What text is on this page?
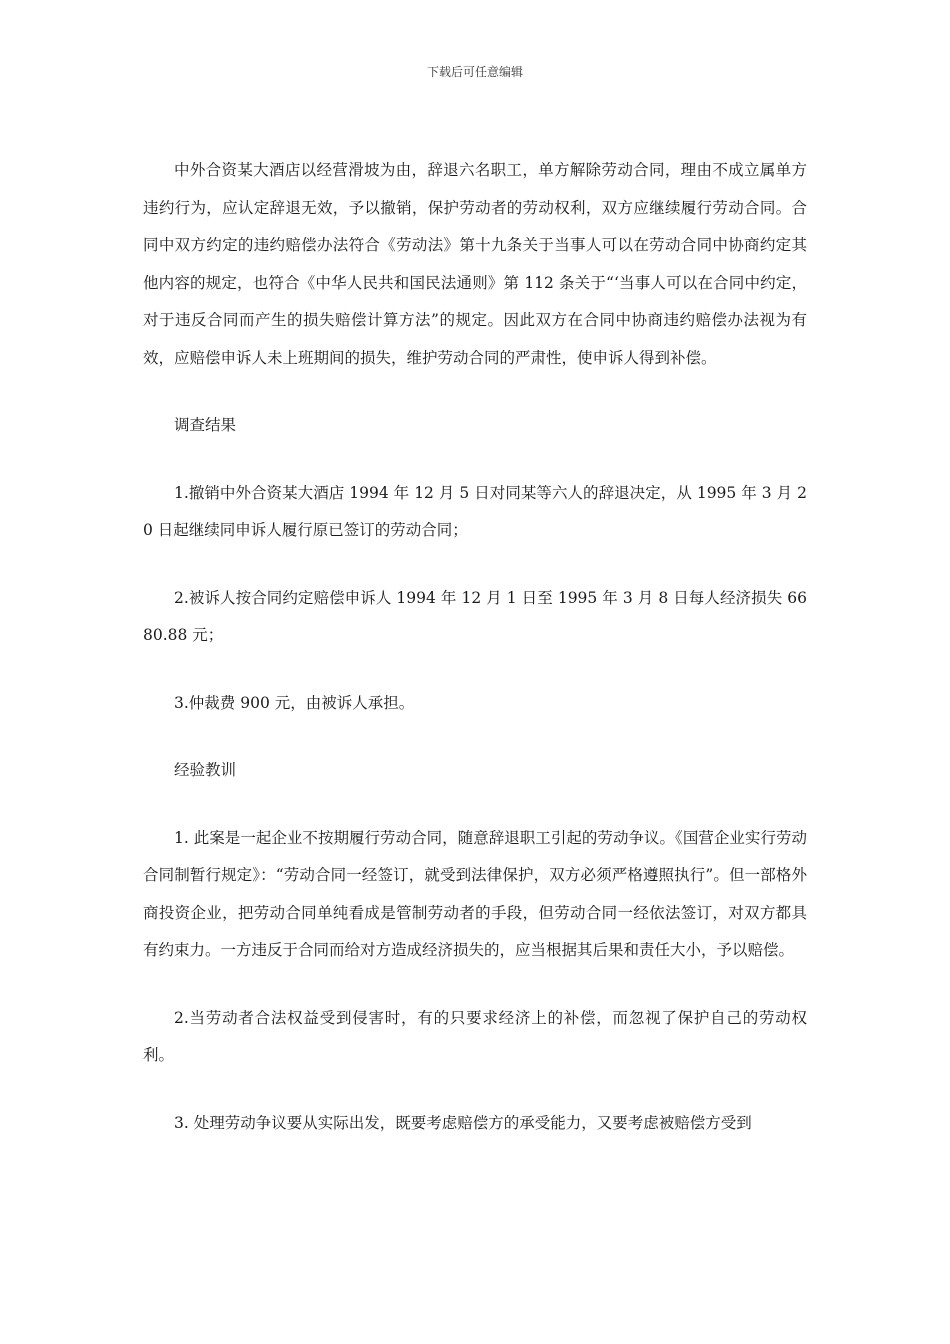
下载后可任意编辑

中外合资某大酒店以经营滑坡为由，辞退六名职工，单方解除劳动合同，理由不成立属单方违约行为，应认定辞退无效，予以撤销，保护劳动者的劳动权利，双方应继续履行劳动合同。合同中双方约定的违约赔偿办法符合《劳动法》第十九条关于当事人可以在劳动合同中协商约定其他内容的规定，也符合《中华人民共和国民法通则》第 112 条关于“‘当事人可以在合同中约定，对于违反合同而产生的损失赔偿计算方法”的规定。因此双方在合同中协商违约赔偿办法视为有效，应赔偿申诉人未上班期间的损失，维护劳动合同的严肃性，使申诉人得到补偿。

调查结果

1.撤销中外合资某大酒店 1994 年 12 月 5 日对同某等六人的辞退决定，从 1995 年 3 月 20 日起继续同申诉人履行原已签订的劳动合同；

2.被诉人按合同约定赔偿申诉人 1994 年 12 月 1 日至 1995 年 3 月 8 日每人经济损失 6680.88 元；

3.仲裁费 900 元，由被诉人承担。

经验教训

1. 此案是一起企业不按期履行劳动合同，随意辞退职工引起的劳动争议。《国营企业实行劳动合同制暂行规定》：“劳动合同一经签订，就受到法律保护，双方必须严格遵照执行”。但一部格外商投资企业，把劳动合同单纯看成是管制劳动者的手段，但劳动合同一经依法签订，对双方都具有约束力。一方违反于合同而给对方造成经济损失的，应当根据其后果和责任大小，予以赔偿。

2.当劳动者合法权益受到侵害时，有的只要求经济上的补偿，而忽视了保护自己的劳动权利。

3. 处理劳动争议要从实际出发，既要考虑赔偿方的承受能力，又要考虑被赔偿方受到
